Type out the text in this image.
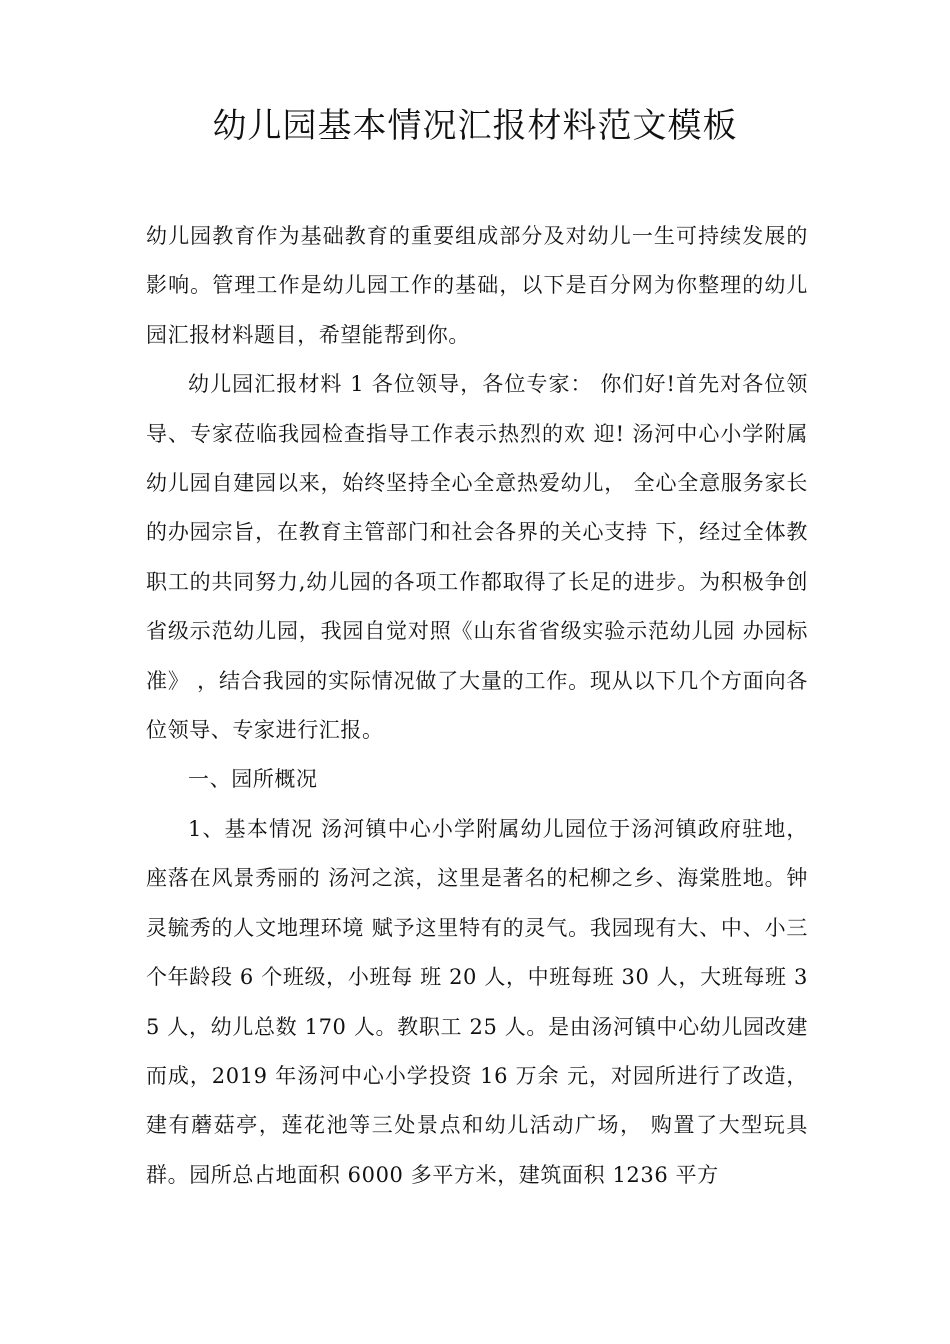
幼儿园基本情况汇报材料范文模板

幼儿园教育作为基础教育的重要组成部分及对幼儿一生可持续发展的影响。管理工作是幼儿园工作的基础，以下是百分网为你整理的幼儿园汇报材料题目，希望能帮到你。

幼儿园汇报材料 1 各位领导，各位专家： 你们好!首先对各位领导、专家莅临我园检查指导工作表示热烈的欢 迎! 汤河中心小学附属幼儿园自建园以来，始终坚持全心全意热爱幼儿， 全心全意服务家长的办园宗旨，在教育主管部门和社会各界的关心支持 下，经过全体教职工的共同努力,幼儿园的各项工作都取得了长足的进步。为积极争创省级示范幼儿园，我园自觉对照《山东省省级实验示范幼儿园 办园标准》 ，结合我园的实际情况做了大量的工作。现从以下几个方面向各 位领导、专家进行汇报。

一、园所概况

1、基本情况 汤河镇中心小学附属幼儿园位于汤河镇政府驻地，座落在风景秀丽的 汤河之滨，这里是著名的杞柳之乡、海棠胜地。钟灵毓秀的人文地理环境 赋予这里特有的灵气。我园现有大、中、小三个年龄段 6 个班级，小班每 班 20 人，中班每班 30 人，大班每班 35 人，幼儿总数 170 人。教职工 25 人。是由汤河镇中心幼儿园改建而成，2019 年汤河中心小学投资 16 万余 元，对园所进行了改造，建有蘑菇亭，莲花池等三处景点和幼儿活动广场， 购置了大型玩具群。园所总占地面积 6000 多平方米，建筑面积 1236 平方
